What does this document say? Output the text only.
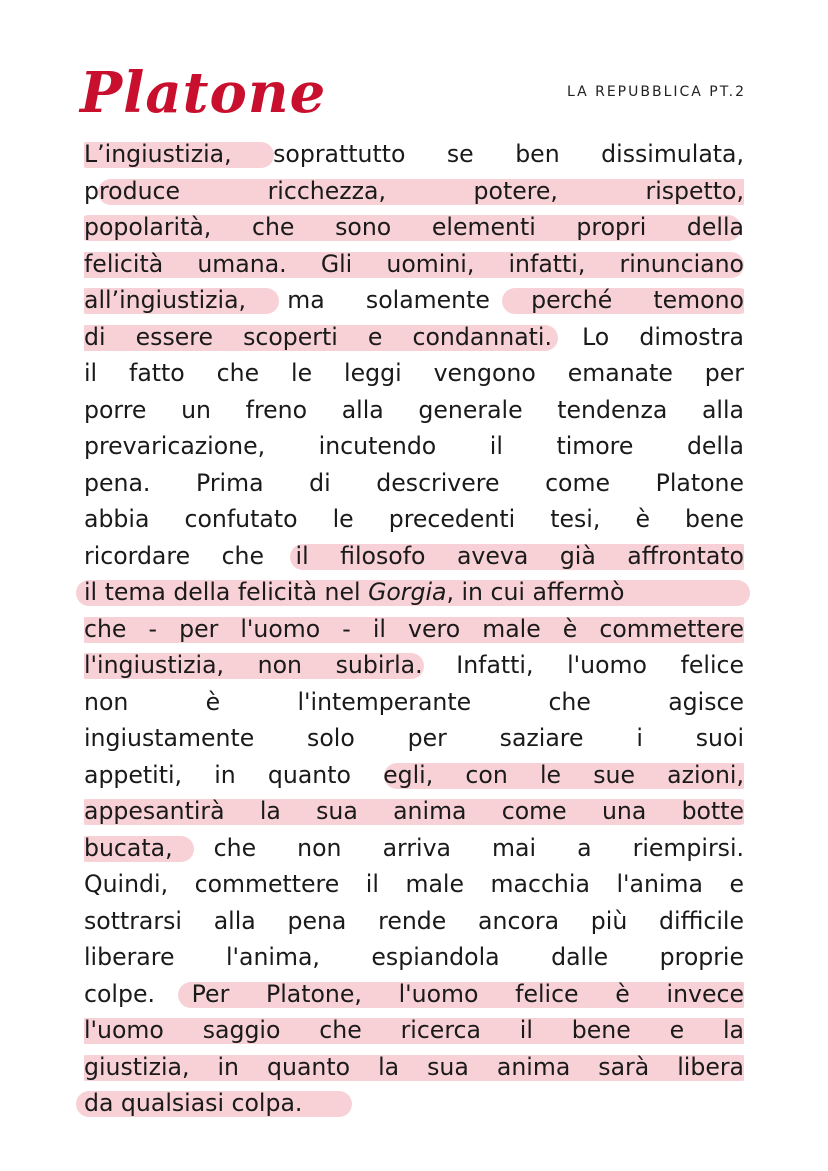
Platone	LA REPUBBLICA PT.2
L’ingiustizia, soprattutto se ben dissimulata,
produce ricchezza, potere, rispetto,
popolarità, che sono elementi propri della
felicità umana. Gli uomini, infatti, rinunciano
all’ingiustizia, ma solamente perché temono
di essere scoperti e condannati. Lo dimostra
il fatto che le leggi vengono emanate per
porre un freno alla generale tendenza alla
prevaricazione, incutendo il timore della
pena. Prima di descrivere come Platone
abbia confutato le precedenti tesi, è bene
ricordare che il filosofo aveva già affrontato
il tema della felicità nel Gorgia, in cui affermò
che - per l'uomo - il vero male è commettere
l'ingiustizia, non subirla. Infatti, l'uomo felice
non è l'intemperante che agisce
ingiustamente solo per saziare i suoi
appetiti, in quanto egli, con le sue azioni,
appesantirà la sua anima come una botte
bucata, che non arriva mai a riempirsi.
Quindi, commettere il male macchia l'anima e
sottrarsi alla pena rende ancora più difficile
liberare l'anima, espiandola dalle proprie
colpe. Per Platone, l'uomo felice è invece
l'uomo saggio che ricerca il bene e la
giustizia, in quanto la sua anima sarà libera
da qualsiasi colpa.
